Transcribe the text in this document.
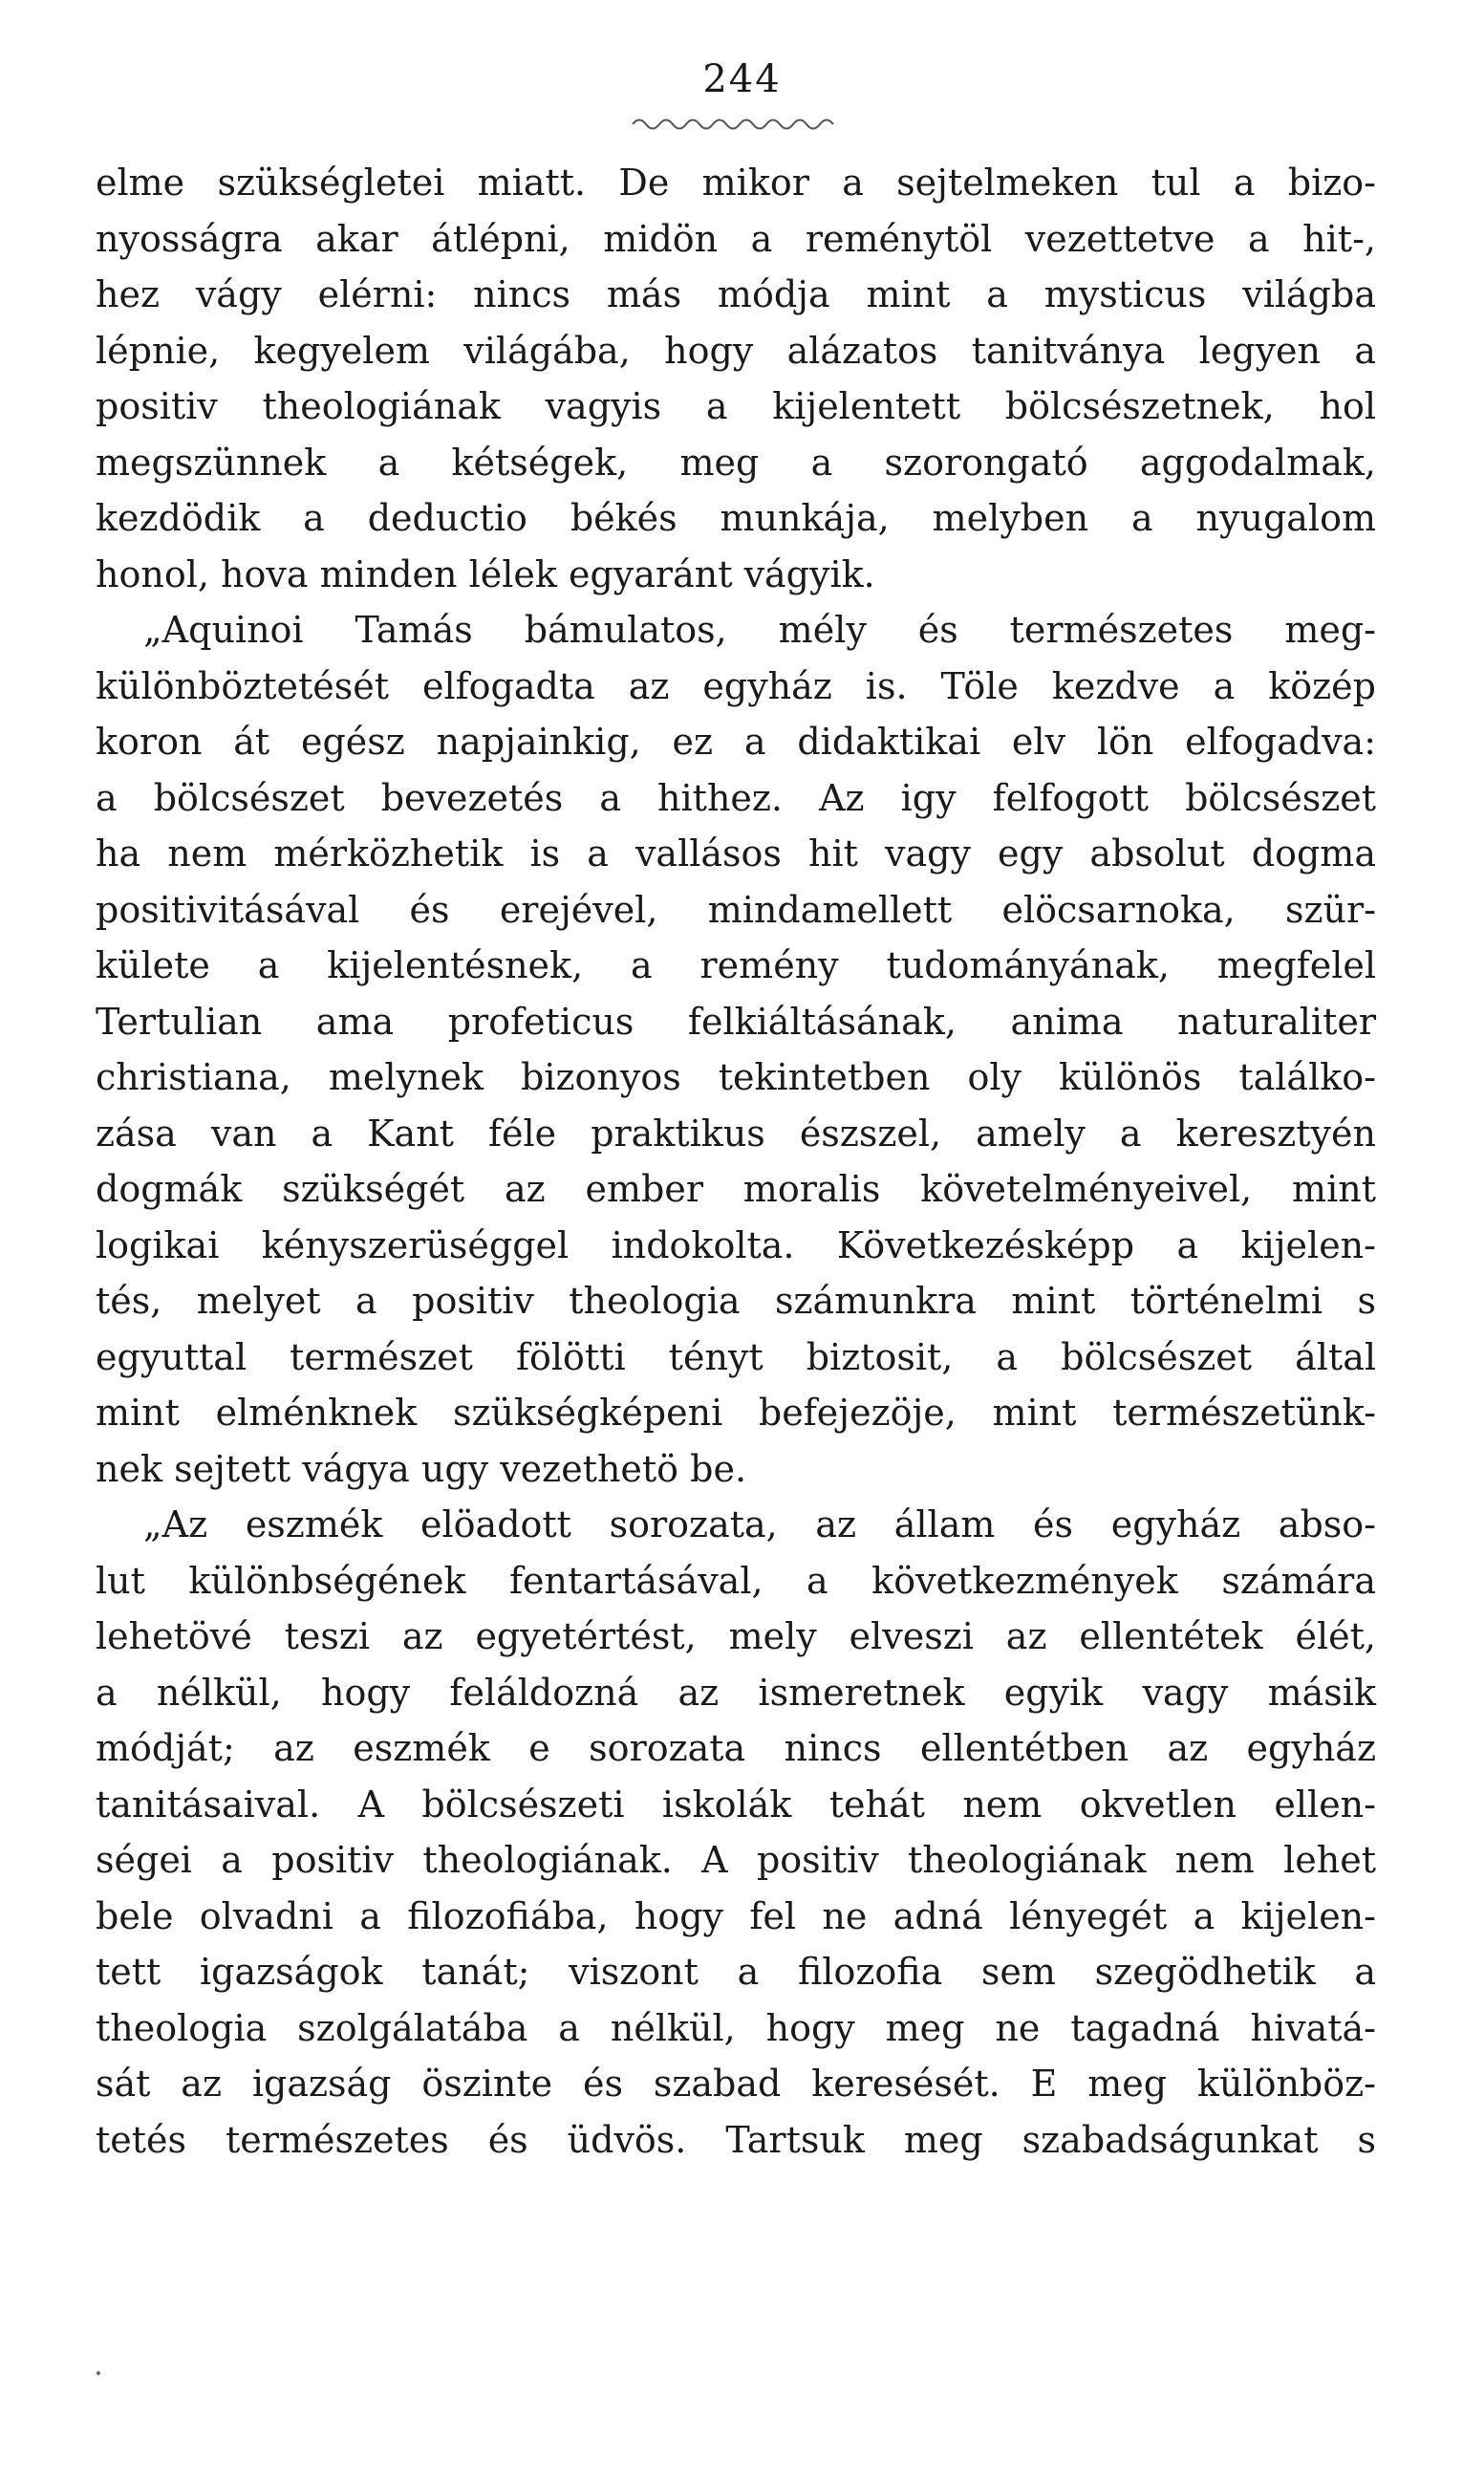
244

elme szükségletei miatt. De mikor a sejtelmeken tul a bizo-
nyosságra akar átlépni, midön a reménytöl vezettetve a hit-,
hez vágy elérni: nincs más módja mint a mysticus világba
lépnie, kegyelem világába, hogy alázatos tanitványa legyen a
positiv theologiának vagyis a kijelentett bölcsészetnek, hol
megszünnek a kétségek, meg a szorongató aggodalmak,
kezdödik a deductio békés munkája, melyben a nyugalom
honol, hova minden lélek egyaránt vágyik.
„Aquinoi Tamás bámulatos, mély és természetes meg-
különböztetését elfogadta az egyház is. Töle kezdve a közép
koron át egész napjainkig, ez a didaktikai elv lön elfogadva:
a bölcsészet bevezetés a hithez. Az igy felfogott bölcsészet
ha nem mérközhetik is a vallásos hit vagy egy absolut dogma
positivitásával és erejével, mindamellett elöcsarnoka, szür-
külete a kijelentésnek, a remény tudományának, megfelel
Tertulian ama profeticus felkiáltásának, anima naturaliter
christiana, melynek bizonyos tekintetben oly különös találko-
zása van a Kant féle praktikus észszel, amely a keresztyén
dogmák szükségét az ember moralis követelményeivel, mint
logikai kényszerüséggel indokolta. Következésképp a kijelen-
tés, melyet a positiv theologia számunkra mint történelmi s
egyuttal természet fölötti tényt biztosit, a bölcsészet által
mint elménknek szükségképeni befejezöje, mint természetünk-
nek sejtett vágya ugy vezethetö be.
„Az eszmék elöadott sorozata, az állam és egyház abso-
lut különbségének fentartásával, a következmények számára
lehetövé teszi az egyetértést, mely elveszi az ellentétek élét,
a nélkül, hogy feláldozná az ismeretnek egyik vagy másik
módját; az eszmék e sorozata nincs ellentétben az egyház
tanitásaival. A bölcsészeti iskolák tehát nem okvetlen ellen-
ségei a positiv theologiának. A positiv theologiának nem lehet
bele olvadni a filozofiába, hogy fel ne adná lényegét a kijelen-
tett igazságok tanát; viszont a filozofia sem szegödhetik a
theologia szolgálatába a nélkül, hogy meg ne tagadná hivatá-
sát az igazság öszinte és szabad keresését. E meg különböz-
tetés természetes és üdvös. Tartsuk meg szabadságunkat s
